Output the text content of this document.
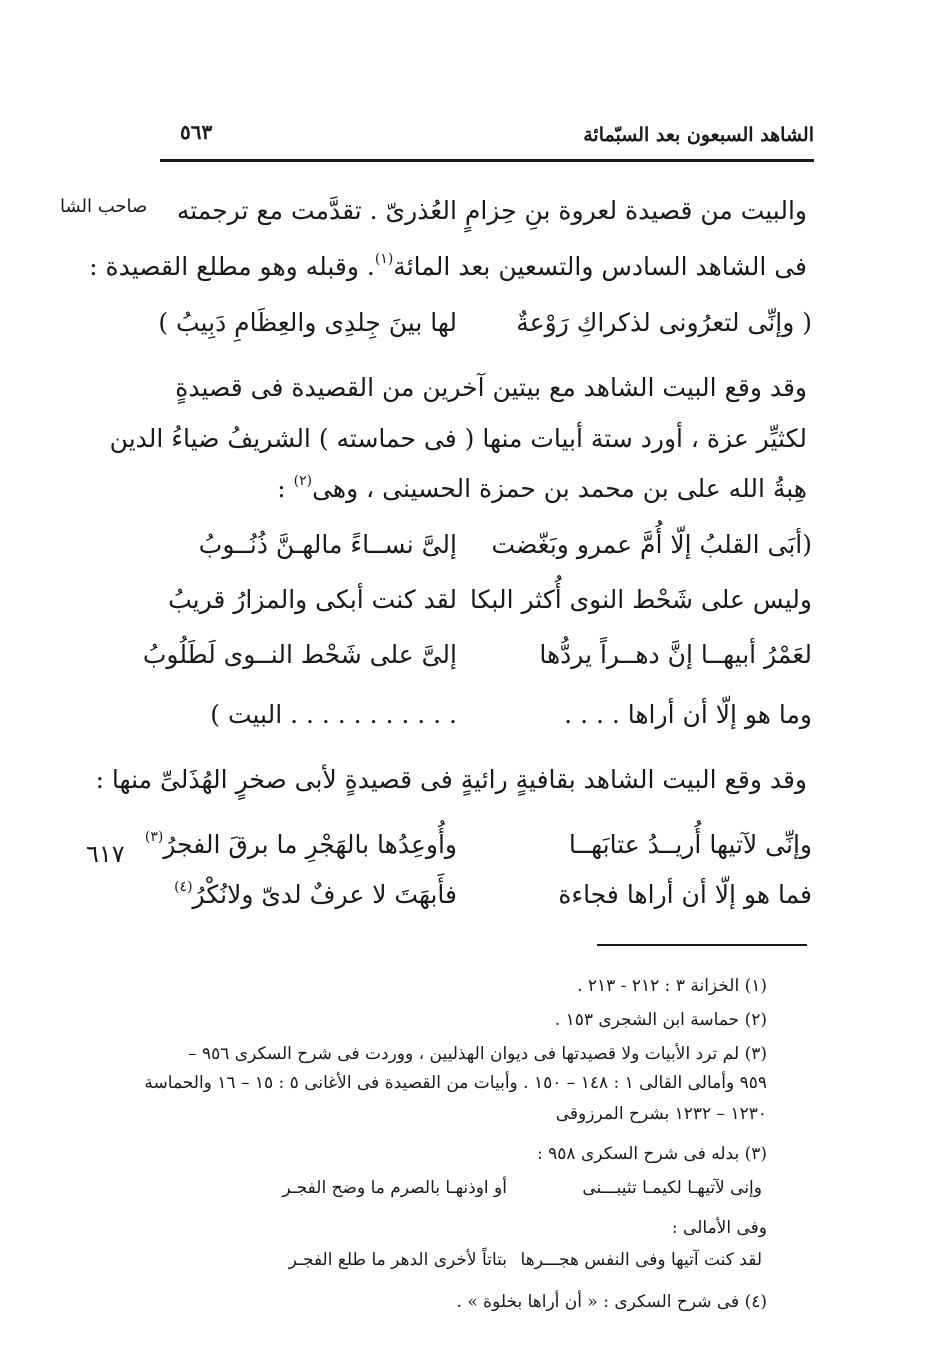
الشاهد السبعون بعد السبّمائة
٥٦٣
صاحب الشا
٦١٧
والبيت من قصيدة لعروة بنِ حِزامٍ العُذرىّ . تقدَّمت مع ترجمته
فى الشاهد السادس والتسعين بعد المائة$^{(١)}$. وقبله وهو مطلع القصيدة :
( وإنِّى لتعرُونى لذكراكِ رَوْعةٌ
لها بينَ جِلدِى والعِظَامِ دَبِيبُ )
وقد وقع البيت الشاهد مع بيتين آخرين من القصيدة فى قصيدةٍ
لكثيِّر عزة ، أورد ستة أبيات منها ( فى حماسته ) الشريفُ ضياءُ الدين
هِبةُ الله على بن محمد بن حمزة الحسينى ، وهى$^{(٢)}$ :
(أبَى القلبُ إلّا أُمَّ عمرو وبَغّضت
إلىَّ نســاءً مالهـنَّ ذُنُــوبُ
وليس على شَحْط النوى أُكثر البكا
لقد كنت أبكى والمزارُ قريبُ
لعَمْرُ أبيهــا إنَّ دهــراً يردُّها
إلىَّ على شَحْط النــوى لَطَلُوبُ
وما هو إلّا أن أراها . . . .
. . . . . . . . . . . البيت )
وقد وقع البيت الشاهد بقافيةٍ رائيةٍ فى قصيدةٍ لأبى صخرٍ الهُذَلىِّ منها :
وإنِّى لآتيها أُريــدُ عتابَهــا
وأُوعِدُها بالهَجْرِ ما برقَ الفجرُ$^{(٣)}$
فما هو إلّا أن أراها فجاءة
فأَبهَتَ لا عرفٌ لدىّ ولانُكْرُ$^{(٤)}$
(١) الخزانة ٣ : ٢١٢ - ٢١٣ .
(٢) حماسة ابن الشجرى ١٥٣ .
(٣) لم ترد الأبيات ولا قصيدتها فى ديوان الهذليين ، ووردت فى شرح السكرى ٩٥٦ –
٩٥٩ وأمالى القالى ١ : ١٤٨ – ١٥٠ . وأبيات من القصيدة فى الأغانى ٥ : ١٥ – ١٦ والحماسة
١٢٣٠ – ١٢٣٢ بشرح المرزوقى
(٣) بدله فى شرح السكرى ٩٥٨ :
وإنى لآتيهـا لكيمـا تثيبـــنى
أو اوذنهـا بالصرم ما وضح الفجـر
وفى الأمالى :
لقد كنت آتيها وفى النفس هجـــرها
بتاتاً لأخرى الدهر ما طلع الفجـر
(٤) فى شرح السكرى : « أن أراها بخلوة » .
